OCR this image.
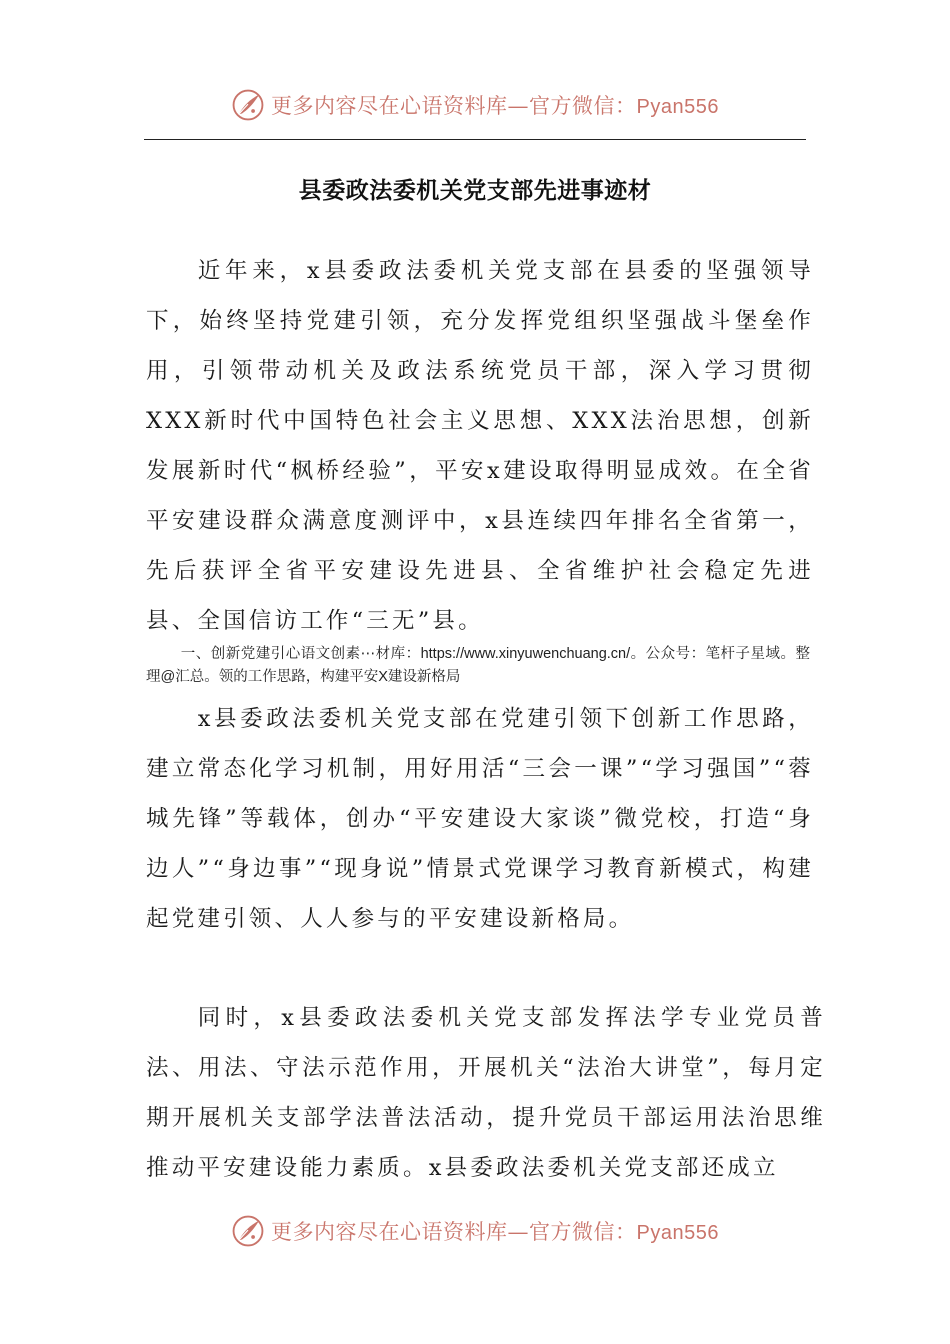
更多内容尽在心语资料库—官方微信：Pyan556
县委政法委机关党支部先进事迹材

近年来，x县委政法委机关党支部在县委的坚强领导下，始终坚持党建引领，充分发挥党组织坚强战斗堡垒作用，引领带动机关及政法系统党员干部，深入学习贯彻XXX新时代中国特色社会主义思想、XXX法治思想，创新发展新时代“枫桥经验”，平安x建设取得明显成效。在全省平安建设群众满意度测评中，x县连续四年排名全省第一，先后获评全省平安建设先进县、全省维护社会稳定先进县、全国信访工作“三无”县。

一、创新党建引心语文创素⋯材库：https://www.xinyuwenchuang.cn/。公众号：笔杆子星域。整理@汇总。领的工作思路，构建平安X建设新格局

x县委政法委机关党支部在党建引领下创新工作思路，建立常态化学习机制，用好用活“三会一课”“学习强国”“蓉城先锋”等载体，创办“平安建设大家谈”微党校，打造“身边人”“身边事”“现身说”情景式党课学习教育新模式，构建起党建引领、人人参与的平安建设新格局。

同时，x县委政法委机关党支部发挥法学专业党员普法、用法、守法示范作用，开展机关“法治大讲堂”，每月定期开展机关支部学法普法活动，提升党员干部运用法治思维推动平安建设能力素质。x县委政法委机关党支部还成立

更多内容尽在心语资料库—官方微信：Pyan556
